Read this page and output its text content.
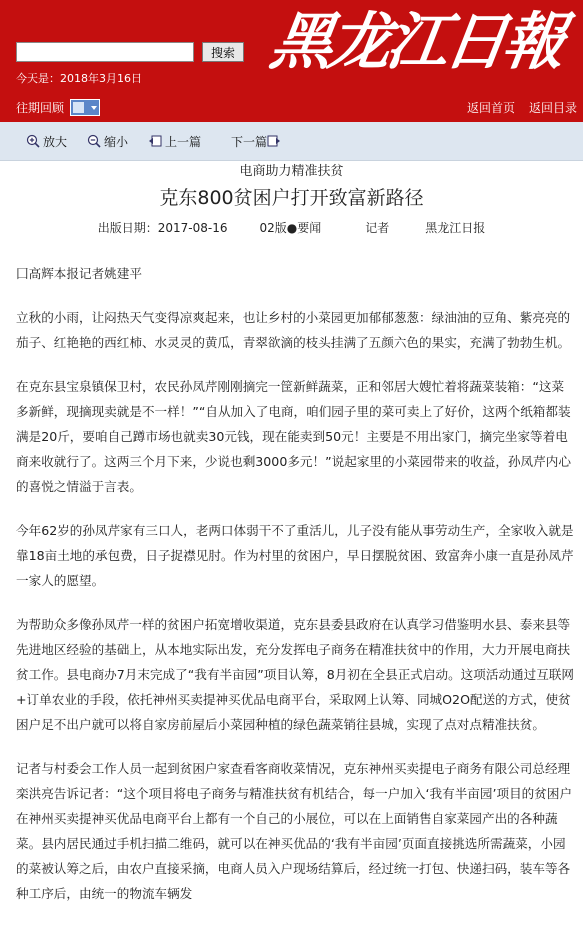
搜索
今天是：2018年3月16日
黑龙江日報
往期回顾	返回首页 返回目录
放大	缩小	上一篇	下一篇
电商助力精准扶贫
克东800贫困户打开致富新路径
出版日期：2017-08-16	02版●要闻	记者	黑龙江日报
囗高辉本报记者姚建平

立秋的小雨，让闷热天气变得凉爽起来，也让乡村的小菜园更加郁郁葱葱：绿油油的豆角、紫亮亮的茄子、红艳艳的西红柿、水灵灵的黄瓜，青翠欲滴的枝头挂满了五颜六色的果实，充满了勃勃生机。

在克东县宝泉镇保卫村，农民孙凤芹刚刚摘完一筐新鲜蔬菜，正和邻居大嫂忙着将蔬菜装箱：“这菜多新鲜，现摘现卖就是不一样！”“自从加入了电商，咱们园子里的菜可卖上了好价，这两个纸箱都装满是20斤，要咱自己蹲市场也就卖30元钱，现在能卖到50元！主要是不用出家门，摘完坐家等着电商来收就行了。这两三个月下来，少说也剩3000多元！”说起家里的小菜园带来的收益，孙凤芹内心的喜悦之情溢于言表。

今年62岁的孙凤芹家有三口人，老两口体弱干不了重活儿，儿子没有能从事劳动生产，全家收入就是靠18亩土地的承包费，日子捉襟见肘。作为村里的贫困户，早日摆脱贫困、致富奔小康一直是孙凤芹一家人的愿望。

为帮助众多像孙凤芹一样的贫困户拓宽增收渠道，克东县委县政府在认真学习借鉴明水县、泰来县等先进地区经验的基础上，从本地实际出发，充分发挥电子商务在精准扶贫中的作用，大力开展电商扶贫工作。县电商办7月末完成了“我有半亩园”项目认筹，8月初在全县正式启动。这项活动通过互联网+订单农业的手段，依托神州买卖提神买优品电商平台，采取网上认筹、同城O2O配送的方式，使贫困户足不出户就可以将自家房前屋后小菜园种植的绿色蔬菜销往县城，实现了点对点精准扶贫。

记者与村委会工作人员一起到贫困户家查看客商收菜情况，克东神州买卖提电子商务有限公司总经理栾洪亮告诉记者：“这个项目将电子商务与精准扶贫有机结合，每一户加入‘我有半亩园’项目的贫困户在神州买卖提神买优品电商平台上都有一个自己的小展位，可以在上面销售自家菜园产出的各种蔬菜。县内居民通过手机扫描二维码，就可以在神买优品的‘我有半亩园’页面直接挑选所需蔬菜，小园的菜被认筹之后，由农户直接采摘，电商人员入户现场结算后，经过统一打包、快递扫码，装车等各种工序后，由统一的物流车辆发
